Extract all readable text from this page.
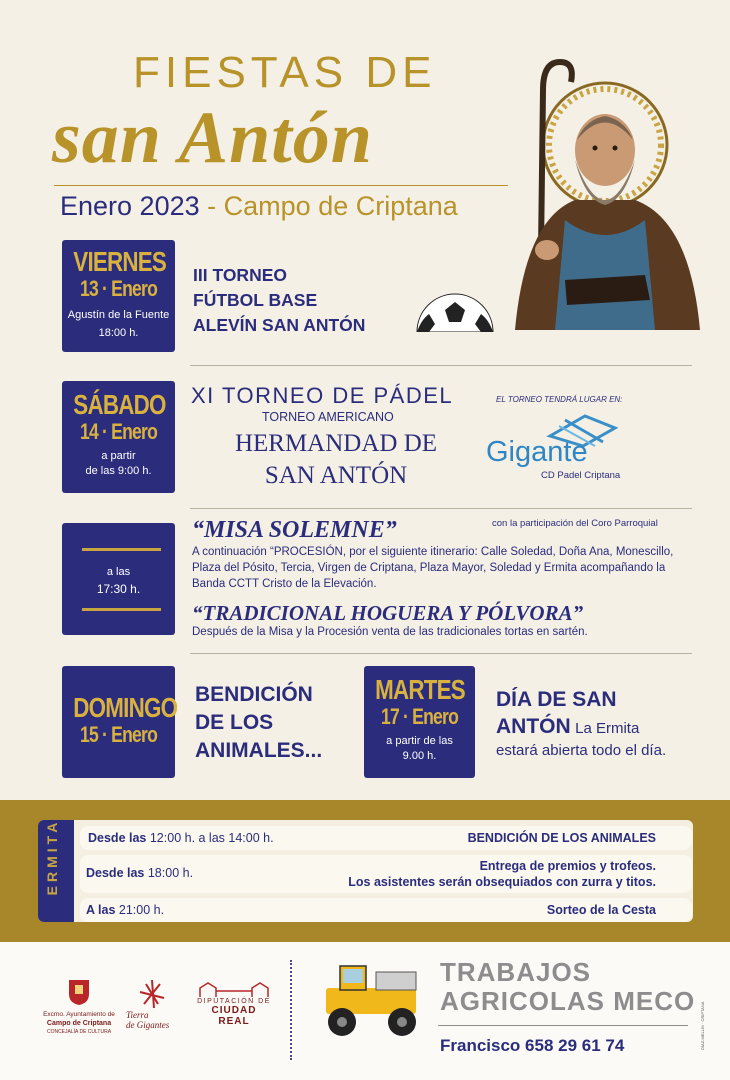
FIESTAS DE
san Antón
Enero 2023 - Campo de Criptana
VIERNES
13 · Enero
Agustín de la Fuente
18:00 h.
III TORNEO
FÚTBOL BASE
ALEVÍN SAN ANTÓN
SÁBADO
14 · Enero
a partir
de las 9:00 h.
XI TORNEO DE PÁDEL
TORNEO AMERICANO
HERMANDAD DE
SAN ANTÓN
EL TORNEO TENDRÁ LUGAR EN:
Gigante
CD Padel Criptana
a las
17:30 h.
“MISA SOLEMNE”	con la participación del Coro Parroquial
A continuación “PROCESIÓN, por el siguiente itinerario: Calle Soledad, Doña Ana, Monescillo, Plaza del Pósito, Tercia, Virgen de Criptana, Plaza Mayor, Soledad y Ermita acompañando la Banda CCTT Cristo de la Elevación.
“TRADICIONAL HOGUERA Y PÓLVORA”
Después de la Misa y la Procesión venta de las tradicionales tortas en sartén.
DOMINGO
15 · Enero
BENDICIÓN
DE LOS
ANIMALES...
MARTES
17 · Enero
a partir de las
9.00 h.
DÍA DE SAN
ANTÓN La Ermita
estará abierta todo el día.
ERMITA	Desde las 12:00 h. a las 14:00 h.	BENDICIÓN DE LOS ANIMALES
Desde las 18:00 h.	Entrega de premios y trofeos.
Los asistentes serán obsequiados con zurra y titos.
A las 21:00 h.	Sorteo de la Cesta
Excmo. Ayuntamiento de
Campo de Criptana
CONCEJALÍA DE CULTURA
Tierra
de Gigantes
DIPUTACIÓN DE
CIUDAD REAL
TRABAJOS
AGRICOLAS MECO
Francisco 658 29 61 74	DÍAZ-MELLÍN · CRIPTANA
